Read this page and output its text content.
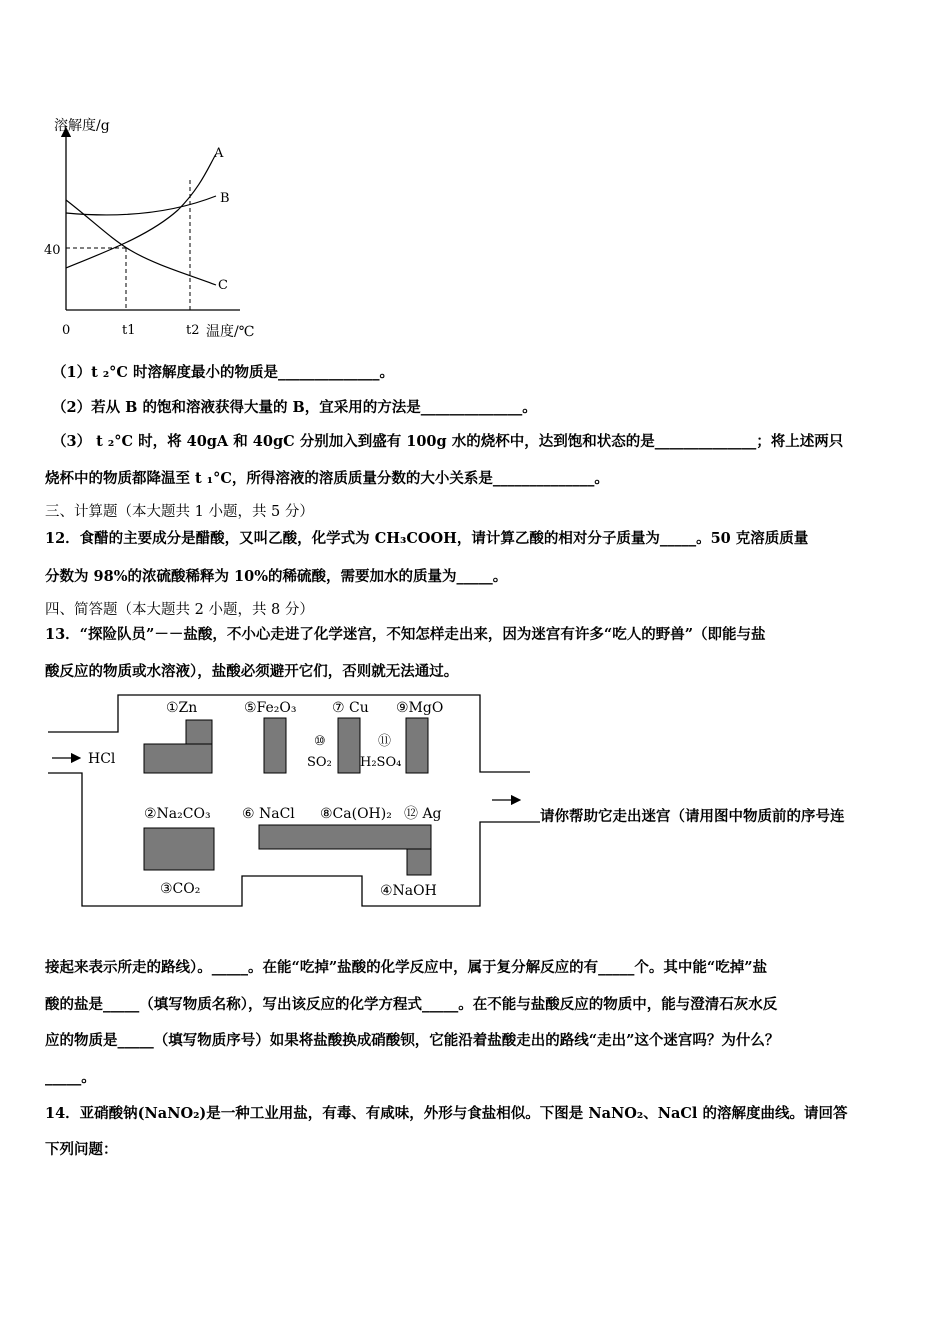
溶解度/g
40
0	t1	t2 温度/℃
A
B
C
（1）t ₂°C 时溶解度最小的物质是______________。
（2）若从 B 的饱和溶液获得大量的 B，宜采用的方法是______________。
（3） t ₂°C 时，将 40gA 和 40gC 分别加入到盛有 100g 水的烧杯中，达到饱和状态的是______________；将上述两只
烧杯中的物质都降温至 t ₁°C，所得溶液的溶质质量分数的大小关系是______________。
三、计算题（本大题共 1 小题，共 5 分）
12．食醋的主要成分是醋酸，又叫乙酸，化学式为 CH₃COOH，请计算乙酸的相对分子质量为_____。50 克溶质质量
分数为 98%的浓硫酸稀释为 10%的稀硫酸，需要加水的质量为_____。
四、简答题（本大题共 2 小题，共 8 分）
13．“探险队员”－－盐酸，不小心走进了化学迷宫，不知怎样走出来，因为迷宫有许多“吃人的野兽”（即能与盐
酸反应的物质或水溶液），盐酸必须避开它们，否则就无法通过。
HCl
①Zn	⑤Fe₂O₃	⑦ Cu ⑨MgO
⑩
SO₂
⑪
H₂SO₄
②Na₂CO₃ ⑥ NaCl ⑧Ca(OH)₂ ⑫ Ag
③CO₂	④NaOH
请你帮助它走出迷宫（请用图中物质前的序号连
接起来表示所走的路线）。_____。在能“吃掉”盐酸的化学反应中，属于复分解反应的有_____个。其中能“吃掉”盐
酸的盐是_____（填写物质名称），写出该反应的化学方程式_____。在不能与盐酸反应的物质中，能与澄清石灰水反
应的物质是_____（填写物质序号）如果将盐酸换成硝酸钡，它能沿着盐酸走出的路线“走出”这个迷宫吗？为什么？
_____。
14．亚硝酸钠(NaNO₂)是一种工业用盐，有毒、有咸味，外形与食盐相似。下图是 NaNO₂、NaCl 的溶解度曲线。请回答
下列问题：
